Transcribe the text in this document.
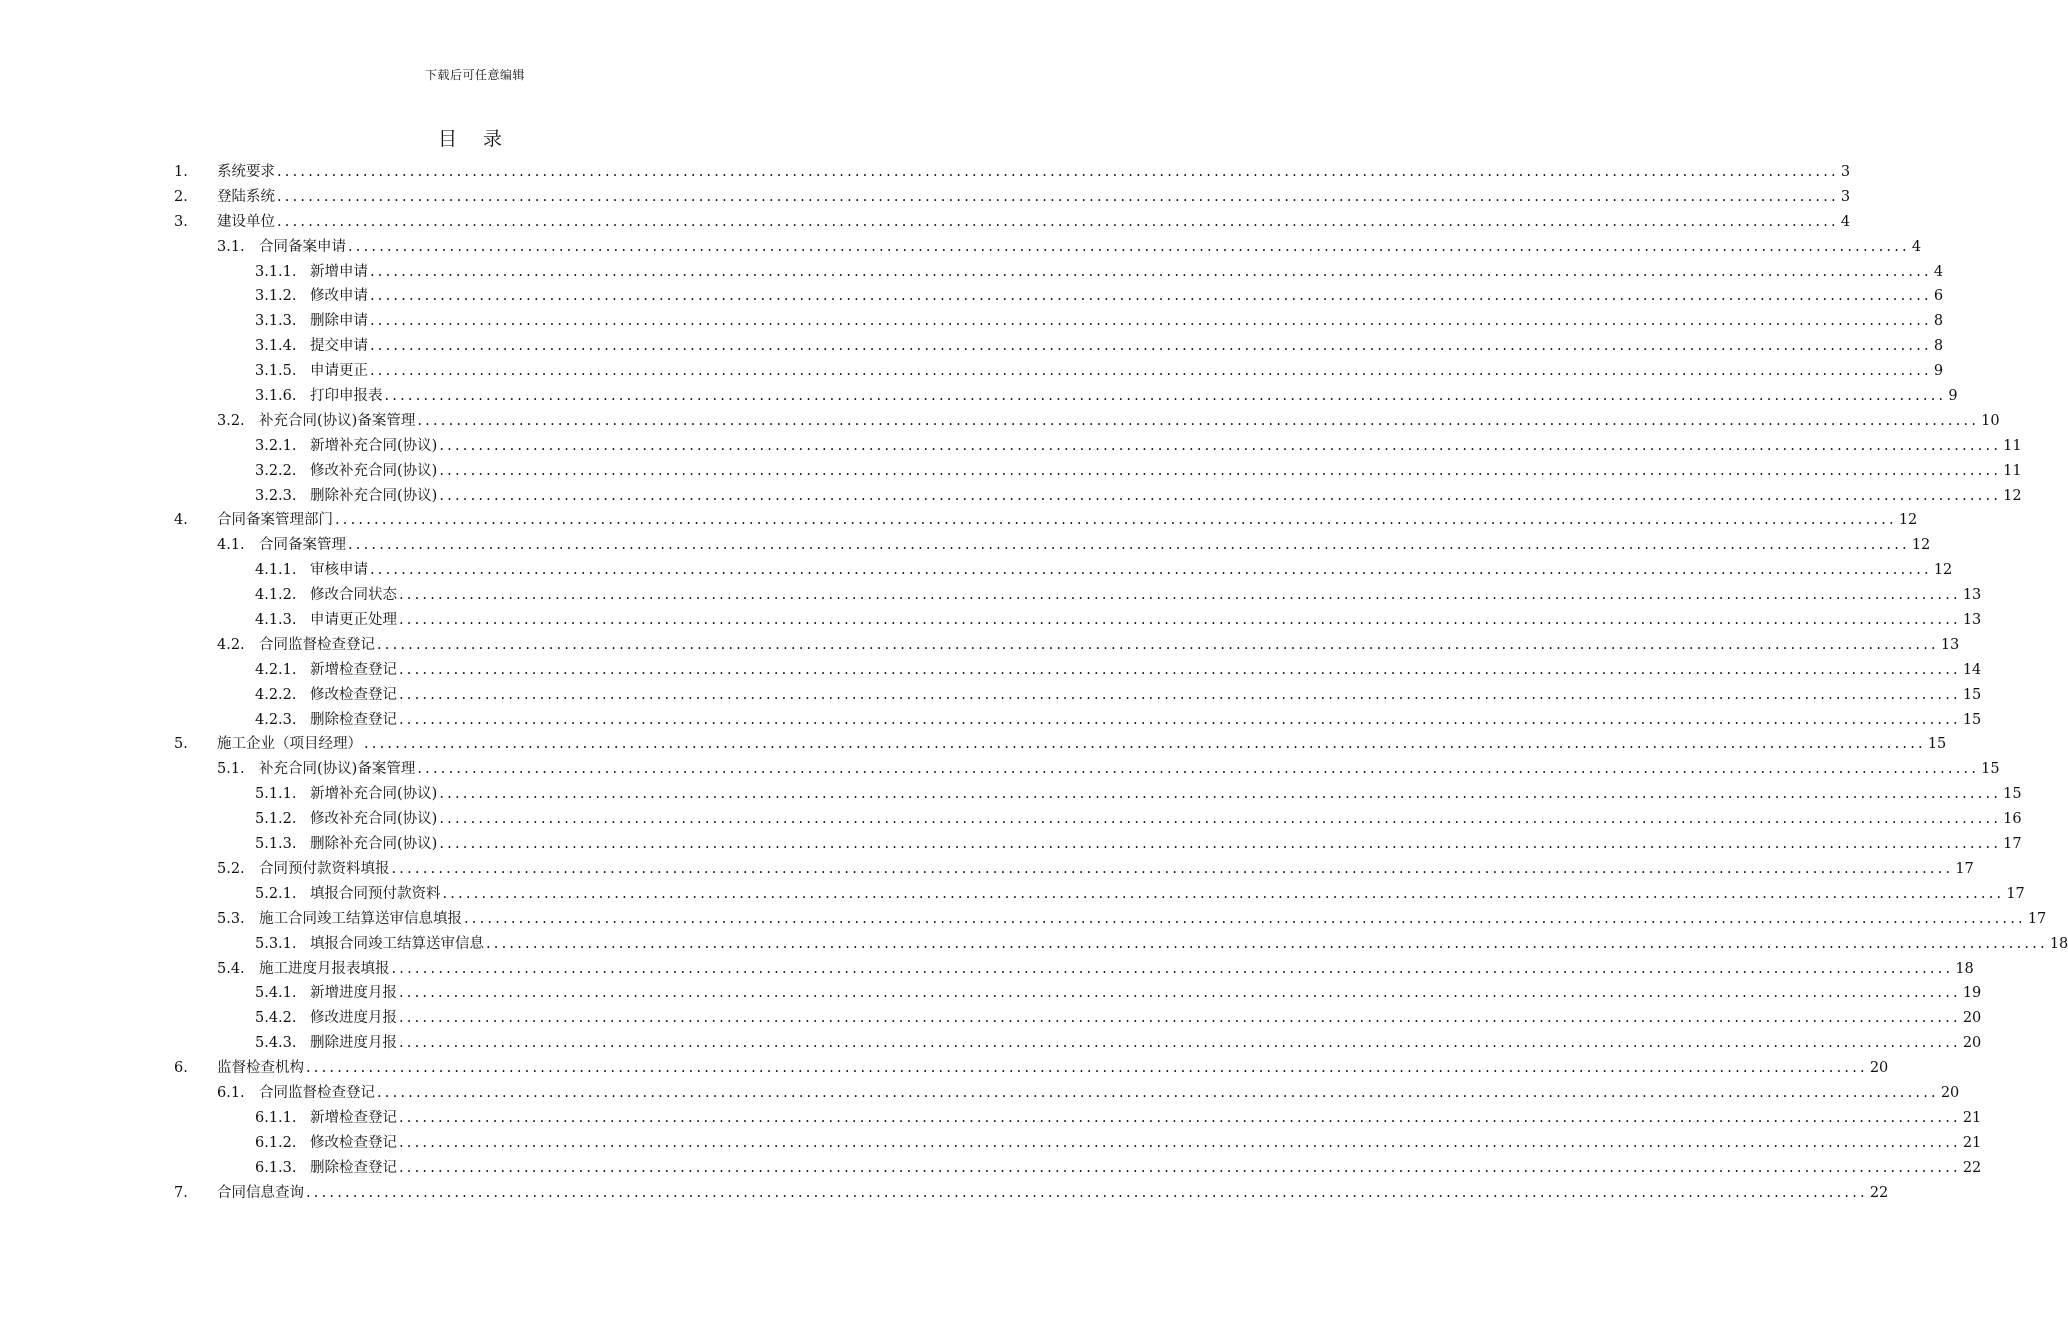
下载后可任意编辑
目 录
1. 系统要求 ........................................................................................................................................................................................................ 3
2. 登陆系统 ........................................................................................................................................................................................................ 3
3. 建设单位 ........................................................................................................................................................................................................ 4
3.1. 合同备案申请 ........................................................................................................................................................................................................ 4
3.1.1. 新增申请 ........................................................................................................................................................................................................ 4
3.1.2. 修改申请 ........................................................................................................................................................................................................ 6
3.1.3. 删除申请 ........................................................................................................................................................................................................ 8
3.1.4. 提交申请 ........................................................................................................................................................................................................ 8
3.1.5. 申请更正 ........................................................................................................................................................................................................ 9
3.1.6. 打印申报表 ........................................................................................................................................................................................................ 9
3.2. 补充合同(协议)备案管理 ........................................................................................................................................................................................................ 10
3.2.1. 新增补充合同(协议) ........................................................................................................................................................................................................ 11
3.2.2. 修改补充合同(协议) ........................................................................................................................................................................................................ 11
3.2.3. 删除补充合同(协议) ........................................................................................................................................................................................................ 12
4. 合同备案管理部门 ........................................................................................................................................................................................................ 12
4.1. 合同备案管理 ........................................................................................................................................................................................................ 12
4.1.1. 审核申请 ........................................................................................................................................................................................................ 12
4.1.2. 修改合同状态 ........................................................................................................................................................................................................ 13
4.1.3. 申请更正处理 ........................................................................................................................................................................................................ 13
4.2. 合同监督检查登记 ........................................................................................................................................................................................................ 13
4.2.1. 新增检查登记 ........................................................................................................................................................................................................ 14
4.2.2. 修改检查登记 ........................................................................................................................................................................................................ 15
4.2.3. 删除检查登记 ........................................................................................................................................................................................................ 15
5. 施工企业（项目经理） ........................................................................................................................................................................................................ 15
5.1. 补充合同(协议)备案管理 ........................................................................................................................................................................................................ 15
5.1.1. 新增补充合同(协议) ........................................................................................................................................................................................................ 15
5.1.2. 修改补充合同(协议) ........................................................................................................................................................................................................ 16
5.1.3. 删除补充合同(协议) ........................................................................................................................................................................................................ 17
5.2. 合同预付款资料填报 ........................................................................................................................................................................................................ 17
5.2.1. 填报合同预付款资料 ........................................................................................................................................................................................................ 17
5.3. 施工合同竣工结算送审信息填报 ........................................................................................................................................................................................................ 17
5.3.1. 填报合同竣工结算送审信息 ........................................................................................................................................................................................................ 18
5.4. 施工进度月报表填报 ........................................................................................................................................................................................................ 18
5.4.1. 新增进度月报 ........................................................................................................................................................................................................ 19
5.4.2. 修改进度月报 ........................................................................................................................................................................................................ 20
5.4.3. 删除进度月报 ........................................................................................................................................................................................................ 20
6. 监督检查机构 ........................................................................................................................................................................................................ 20
6.1. 合同监督检查登记 ........................................................................................................................................................................................................ 20
6.1.1. 新增检查登记 ........................................................................................................................................................................................................ 21
6.1.2. 修改检查登记 ........................................................................................................................................................................................................ 21
6.1.3. 删除检查登记 ........................................................................................................................................................................................................ 22
7. 合同信息查询 ........................................................................................................................................................................................................ 22
